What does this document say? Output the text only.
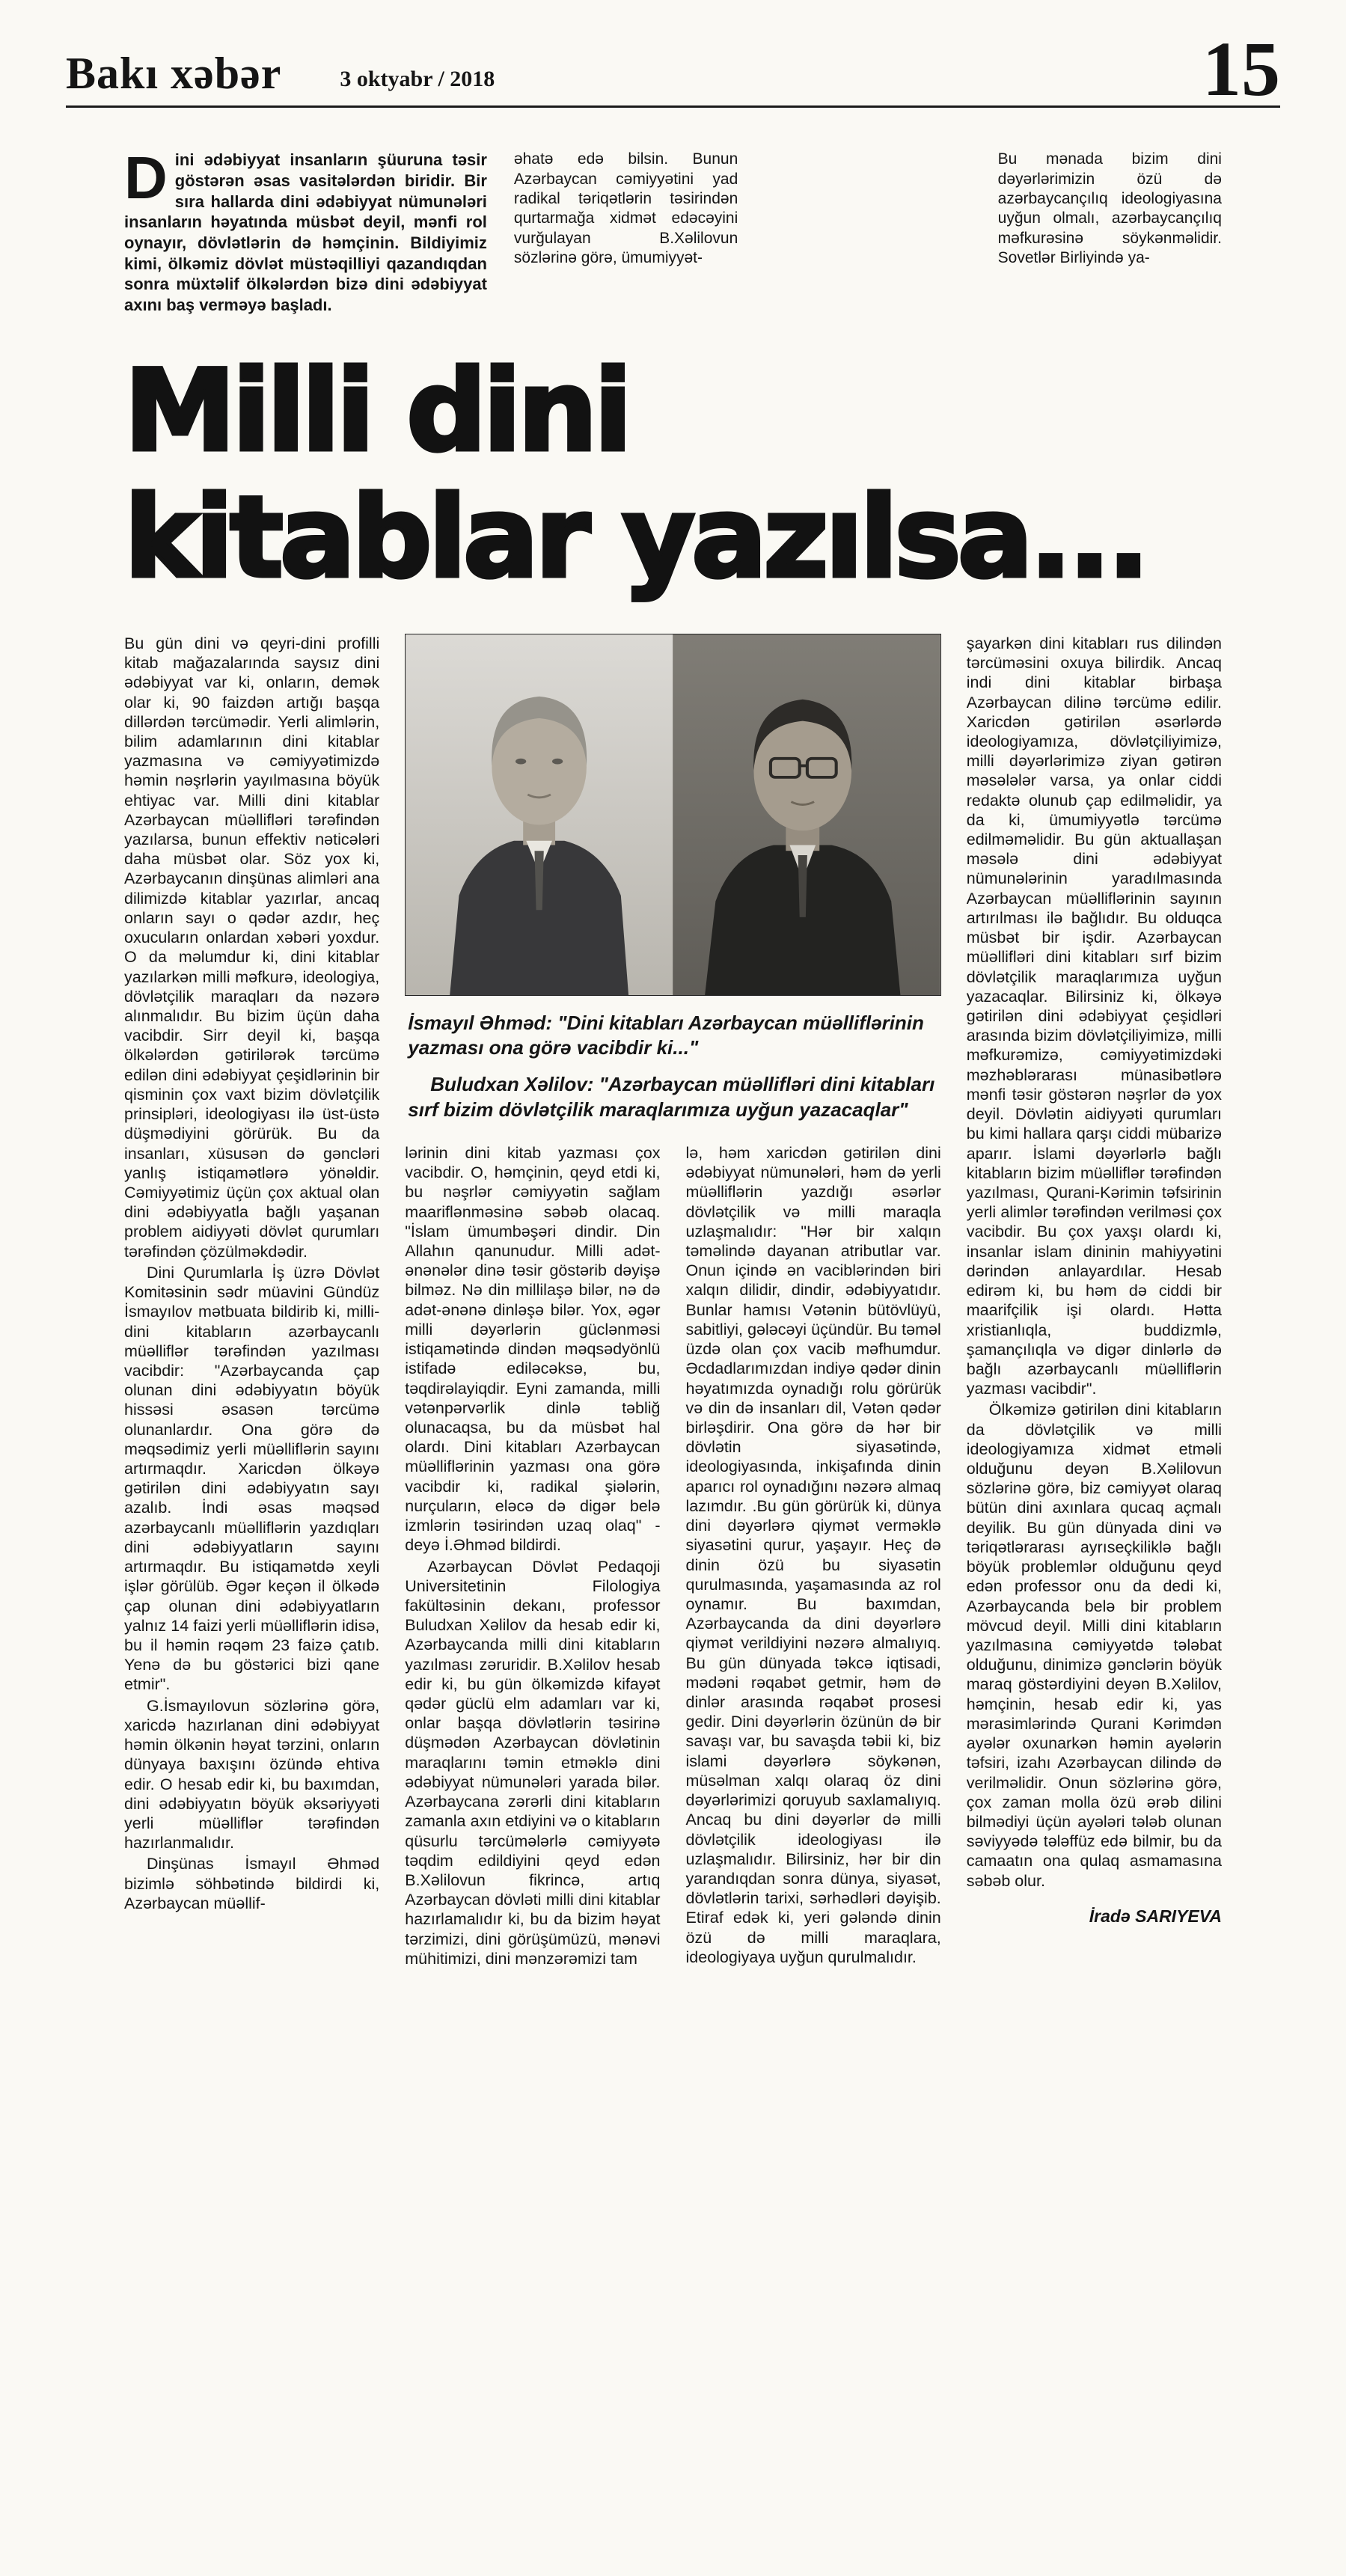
Bakı xəbər	3 oktyabr / 2018	15
Dini ədəbiyyat insanların şüuruna təsir göstərən əsas vasitələrdən biridir. Bir sıra hallarda dini ədəbiyyat nümunələri insanların həyatında müsbət deyil, mənfi rol oynayır, dövlətlərin də həmçinin. Bildiyimiz kimi, ölkəmiz dövlət müstəqilliyi qazandıqdan sonra müxtəlif ölkələrdən bizə dini ədəbiyyat axını baş verməyə başladı.
əhatə edə bilsin. Bunun Azərbaycan cəmiyyətini yad radikal təriqətlərin təsirindən qurtarmağa xidmət edəcəyini vurğulayan B.Xəlilovun sözlərinə görə, ümumiyyət-
Bu mənada bizim dini dəyərlərimizin özü də azərbaycançılıq ideologiyasına uyğun olmalı, azərbaycançılıq məfkurəsinə söykənməlidir. Sovetlər Birliyində ya-
Milli dini
kitablar yazılsa...

Bu gün dini və qeyri-dini profilli kitab mağazalarında saysız dini ədəbiyyat var ki, onların, demək olar ki, 90 faizdən artığı başqa dillərdən tərcümədir. Yerli alimlərin, bilim adamlarının dini kitablar yazmasına və cəmiyyətimizdə həmin nəşrlərin yayılmasına böyük ehtiyac var. Milli dini kitablar Azərbaycan müəllifləri tərəfindən yazılarsa, bunun effektiv nəticələri daha müsbət olar. Söz yox ki, Azərbaycanın dinşünas alimləri ana dilimizdə kitablar yazırlar, ancaq onların sayı o qədər azdır, heç oxucuların onlardan xəbəri yoxdur. O da məlumdur ki, dini kitablar yazılarkən milli məfkurə, ideologiya, dövlətçilik maraqları da nəzərə alınmalıdır. Bu bizim üçün daha vacibdir. Sirr deyil ki, başqa ölkələrdən gətirilərək tərcümə edilən dini ədəbiyyat çeşidlərinin bir qisminin çox vaxt bizim dövlətçilik prinsipləri, ideologiyası ilə üst-üstə düşmədiyini görürük. Bu da insanları, xüsusən də gəncləri yanlış istiqamətlərə yönəldir. Cəmiyyətimiz üçün çox aktual olan dini ədəbiyyatla bağlı yaşanan problem aidiyyəti dövlət qurumları tərəfindən çözülməkdədir.

Dini Qurumlarla İş üzrə Dövlət Komitəsinin sədr müavini Gündüz İsmayılov mətbuata bildirib ki, milli-dini kitabların azərbaycanlı müəlliflər tərəfindən yazılması vacibdir: "Azərbaycanda çap olunan dini ədəbiyyatın böyük hissəsi əsasən tərcümə olunanlardır. Ona görə də məqsədimiz yerli müəlliflərin sayını artırmaqdır. Xaricdən ölkəyə gətirilən dini ədəbiyyatın sayı azalıb. İndi əsas məqsəd azərbaycanlı müəlliflərin yazdıqları dini ədəbiyyatların sayını artırmaqdır. Bu istiqamətdə xeyli işlər görülüb. Əgər keçən il ölkədə çap olunan dini ədəbiyyatların yalnız 14 faizi yerli müəlliflərin idisə, bu il həmin rəqəm 23 faizə çatıb. Yenə də bu göstərici bizi qane etmir".

G.İsmayılovun sözlərinə görə, xaricdə hazırlanan dini ədəbiyyat həmin ölkənin həyat tərzini, onların dünyaya baxışını özündə ehtiva edir. O hesab edir ki, bu baxımdan, dini ədəbiyyatın böyük əksəriyyəti yerli müəlliflər tərəfindən hazırlanmalıdır.

Dinşünas İsmayıl Əhməd bizimlə söhbətində bildirdi ki, Azərbaycan müəllif-

İsmayıl Əhməd: "Dini kitabları Azərbaycan müəlliflərinin yazması ona görə vacibdir ki..."

Buludxan Xəlilov: "Azərbaycan müəllifləri dini kitabları sırf bizim dövlətçilik maraqlarımıza uyğun yazacaqlar"

lərinin dini kitab yazması çox vacibdir. O, həmçinin, qeyd etdi ki, bu nəşrlər cəmiyyətin sağlam maariflənməsinə səbəb olacaq. "İslam ümumbəşəri dindir. Din Allahın qanunudur. Milli adət-ənənələr dinə təsir göstərib dəyişə bilməz. Nə din millilaşə bilər, nə də adət-ənənə dinləşə bilər. Yox, əgər milli dəyərlərin güclənməsi istiqamətində dindən məqsədyönlü istifadə ediləcəksə, bu, təqdirəlayiqdir. Eyni zamanda, milli vətənpərvərlik dinlə təbliğ olunacaqsa, bu da müsbət hal olardı. Dini kitabları Azərbaycan müəlliflərinin yazması ona görə vacibdir ki, radikal şiələrin, nurçuların, eləcə də digər belə izmlərin təsirindən uzaq olaq" - deyə İ.Əhməd bildirdi.

Azərbaycan Dövlət Pedaqoji Universitetinin Filologiya fakültəsinin dekanı, professor Buludxan Xəlilov da hesab edir ki, Azərbaycanda milli dini kitabların yazılması zəruridir. B.Xəlilov hesab edir ki, bu gün ölkəmizdə kifayət qədər güclü elm adamları var ki, onlar başqa dövlətlərin təsirinə düşmədən Azərbaycan dövlətinin maraqlarını təmin etməklə dini ədəbiyyat nümunələri yarada bilər. Azərbaycana zərərli dini kitabların zamanla axın etdiyini və o kitabların qüsurlu tərcümələrlə cəmiyyətə təqdim edildiyini qeyd edən B.Xəlilovun fikrincə, artıq Azərbaycan dövləti milli dini kitablar hazırlamalıdır ki, bu da bizim həyat tərzimizi, dini görüşümüzü, mənəvi mühitimizi, dini mənzərəmizi tam

lə, həm xaricdən gətirilən dini ədəbiyyat nümunələri, həm də yerli müəlliflərin yazdığı əsərlər dövlətçilik və milli maraqla uzlaşmalıdır: "Hər bir xalqın təməlində dayanan atributlar var. Onun içində ən vaciblərindən biri xalqın dilidir, dindir, ədəbiyyatıdır. Bunlar hamısı Vətənin bütövlüyü, sabitliyi, gələcəyi üçündür. Bu təməl üzdə olan çox vacib məfhumdur. Əcdadlarımızdan indiyə qədər dinin həyatımızda oynadığı rolu görürük və din də insanları dil, Vətən qədər birləşdirir. Ona görə də hər bir dövlətin siyasətində, ideologiyasında, inkişafında dinin aparıcı rol oynadığını nəzərə almaq lazımdır. .Bu gün görürük ki, dünya dini dəyərlərə qiymət verməklə siyasətini qurur, yaşayır. Heç də dinin özü bu siyasətin qurulmasında, yaşamasında az rol oynamır. Bu baxımdan, Azərbaycanda da dini dəyərlərə qiymət verildiyini nəzərə almalıyıq. Bu gün dünyada təkcə iqtisadi, mədəni rəqabət getmir, həm də dinlər arasında rəqabət prosesi gedir. Dini dəyərlərin özünün də bir savaşı var, bu savaşda təbii ki, biz islami dəyərlərə söykənən, müsəlman xalqı olaraq öz dini dəyərlərimizi qoruyub saxlamalıyıq. Ancaq bu dini dəyərlər də milli dövlətçilik ideologiyası ilə uzlaşmalıdır. Bilirsiniz, hər bir din yarandıqdan sonra dünya, siyasət, dövlətlərin tarixi, sərhədləri dəyişib. Etiraf edək ki, yeri gələndə dinin özü də milli maraqlara, ideologiyaya uyğun qurulmalıdır.

şayarkən dini kitabları rus dilindən tərcüməsini oxuya bilirdik. Ancaq indi dini kitablar birbaşa Azərbaycan dilinə tərcümə edilir. Xaricdən gətirilən əsərlərdə ideologiyamıza, dövlətçiliyimizə, milli dəyərlərimizə ziyan gətirən məsələlər varsa, ya onlar ciddi redaktə olunub çap edilməlidir, ya da ki, ümumiyyətlə tərcümə edilməməlidir. Bu gün aktuallaşan məsələ dini ədəbiyyat nümunələrinin yaradılmasında Azərbaycan müəlliflərinin sayının artırılması ilə bağlıdır. Bu olduqca müsbət bir işdir. Azərbaycan müəllifləri dini kitabları sırf bizim dövlətçilik maraqlarımıza uyğun yazacaqlar. Bilirsiniz ki, ölkəyə gətirilən dini ədəbiyyat çeşidləri arasında bizim dövlətçiliyimizə, milli məfkurəmizə, cəmiyyətimizdəki məzhəblərarası münasibətlərə mənfi təsir göstərən nəşrlər də yox deyil. Dövlətin aidiyyəti qurumları bu kimi hallara qarşı ciddi mübarizə aparır. İslami dəyərlərlə bağlı kitabların bizim müəlliflər tərəfindən yazılması, Qurani-Kərimin təfsirinin yerli alimlər tərəfindən verilməsi çox vacibdir. Bu çox yaxşı olardı ki, insanlar islam dininin mahiyyətini dərindən anlayardılar. Hesab edirəm ki, bu həm də ciddi bir maarifçilik işi olardı. Hətta xristianlıqla, buddizmlə, şamançılıqla və digər dinlərlə də bağlı azərbaycanlı müəlliflərin yazması vacibdir".

Ölkəmizə gətirilən dini kitabların da dövlətçilik və milli ideologiyamıza xidmət etməli olduğunu deyən B.Xəlilovun sözlərinə görə, biz cəmiyyət olaraq bütün dini axınlara qucaq açmalı deyilik. Bu gün dünyada dini və təriqətlərarası ayrıseçkiliklə bağlı böyük problemlər olduğunu qeyd edən professor onu da dedi ki, Azərbaycanda belə bir problem mövcud deyil. Milli dini kitabların yazılmasına cəmiyyətdə tələbat olduğunu, dinimizə gənclərin böyük maraq göstərdiyini deyən B.Xəlilov, həmçinin, hesab edir ki, yas mərasimlərində Qurani Kərimdən ayələr oxunarkən həmin ayələrin təfsiri, izahı Azərbaycan dilində də verilməlidir. Onun sözlərinə görə, çox zaman molla özü ərəb dilini bilmədiyi üçün ayələri tələb olunan səviyyədə tələffüz edə bilmir, bu da camaatın ona qulaq asmamasına səbəb olur.

İradə SARIYEVA
